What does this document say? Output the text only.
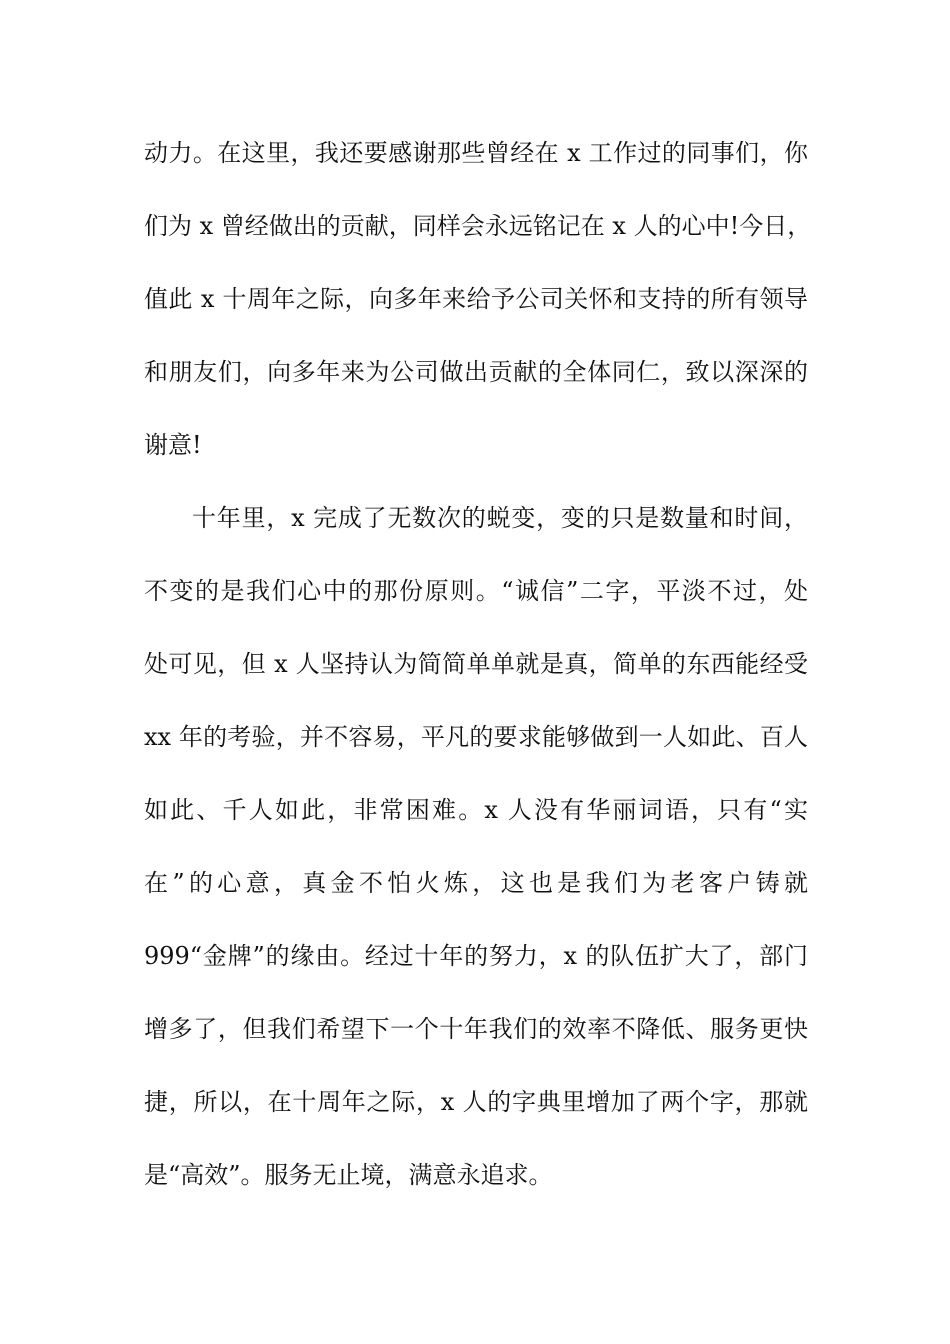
动力。在这里，我还要感谢那些曾经在 x 工作过的同事们，你
们为 x 曾经做出的贡献，同样会永远铭记在 x 人的心中!今日，
值此 x 十周年之际，向多年来给予公司关怀和支持的所有领导
和朋友们，向多年来为公司做出贡献的全体同仁，致以深深的
谢意!
十年里，x 完成了无数次的蜕变，变的只是数量和时间，
不变的是我们心中的那份原则。“诚信”二字，平淡不过，处
处可见，但 x 人坚持认为简简单单就是真，简单的东西能经受
xx 年的考验，并不容易，平凡的要求能够做到一人如此、百人
如此、千人如此，非常困难。x 人没有华丽词语，只有“实
在”的心意，真金不怕火炼，这也是我们为老客户铸就
999“金牌”的缘由。经过十年的努力，x 的队伍扩大了，部门
增多了，但我们希望下一个十年我们的效率不降低、服务更快
捷，所以，在十周年之际，x 人的字典里增加了两个字，那就
是“高效”。服务无止境，满意永追求。
